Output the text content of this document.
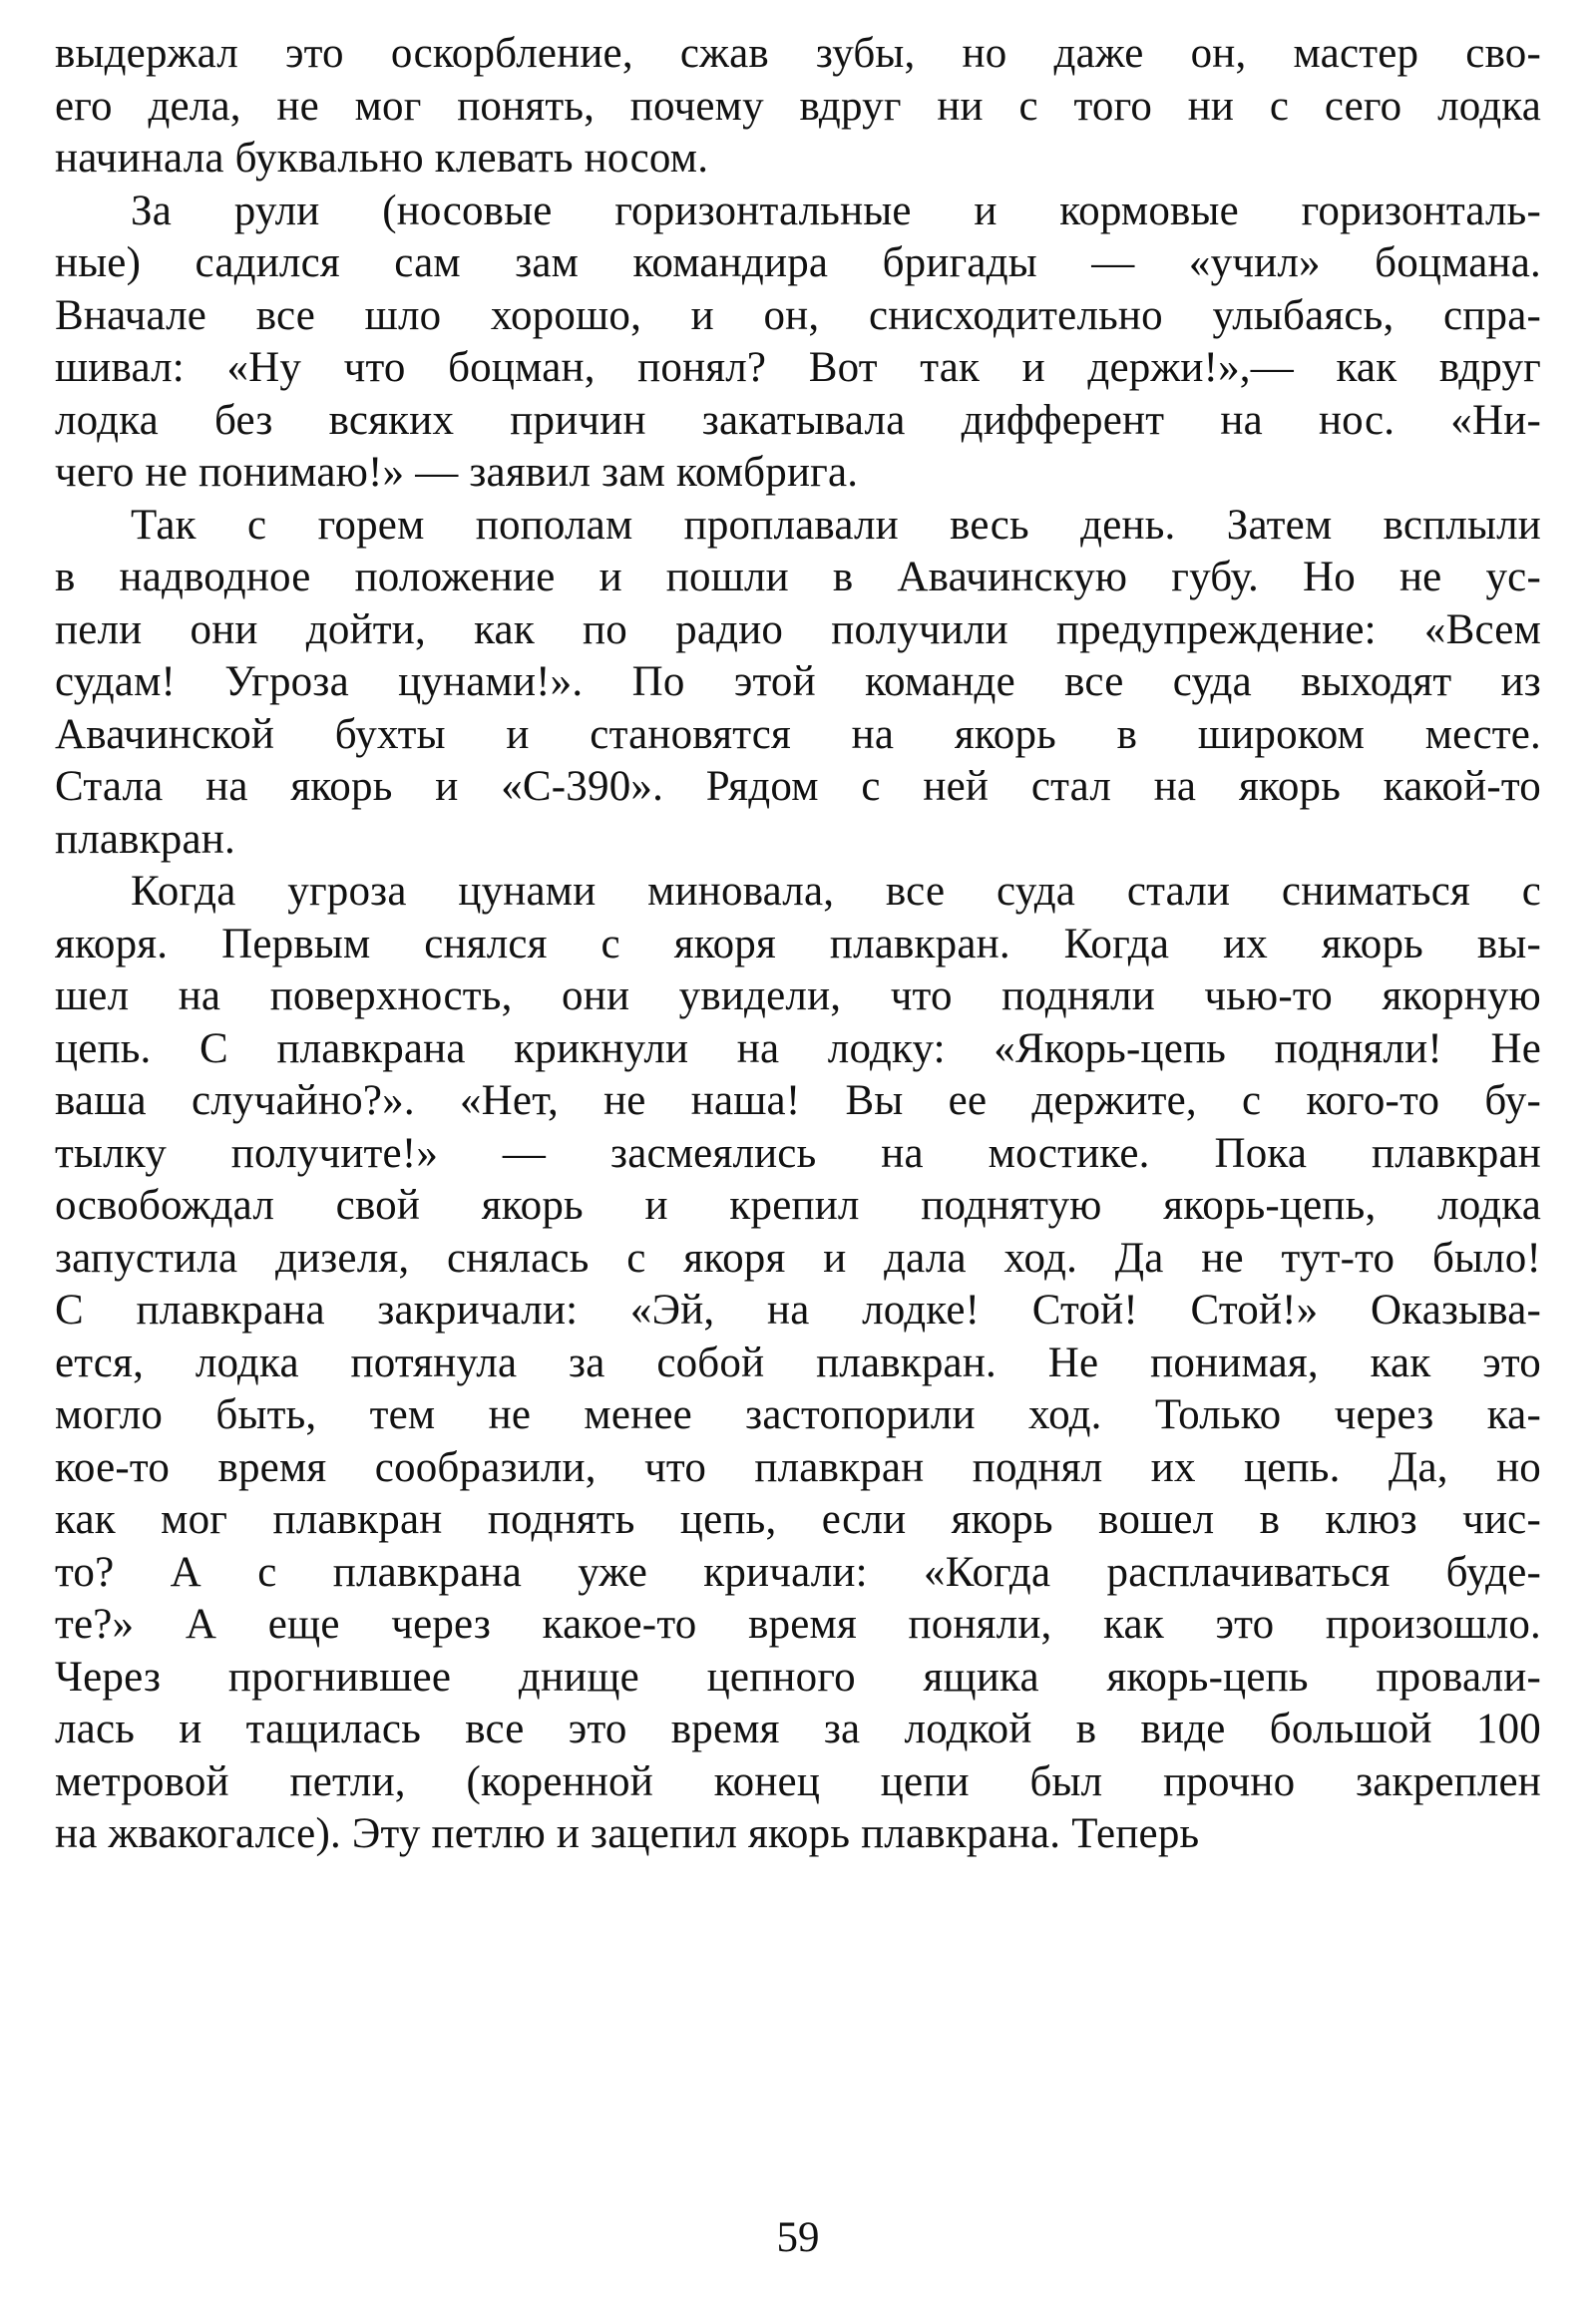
выдержал это оскорбление, сжав зубы, но даже он, мастер сво-
его дела, не мог понять, почему вдруг ни с того ни с сего лодка
начинала буквально клевать носом.
За рули (носовые горизонтальные и кормовые горизонталь-
ные) садился сам зам командира бригады — «учил» боцмана.
Вначале все шло хорошо, и он, снисходительно улыбаясь, спра-
шивал: «Ну что боцман, понял? Вот так и держи!»,— как вдруг
лодка без всяких причин закатывала дифферент на нос. «Ни-
чего не понимаю!» — заявил зам комбрига.
Так с горем пополам проплавали весь день. Затем всплыли
в надводное положение и пошли в Авачинскую губу. Но не ус-
пели они дойти, как по радио получили предупреждение: «Всем
судам! Угроза цунами!». По этой команде все суда выходят из
Авачинской бухты и становятся на якорь в широком месте.
Стала на якорь и «С-390». Рядом с ней стал на якорь какой-то
плавкран.
Когда угроза цунами миновала, все суда стали сниматься с
якоря. Первым снялся с якоря плавкран. Когда их якорь вы-
шел на поверхность, они увидели, что подняли чью-то якорную
цепь. С плавкрана крикнули на лодку: «Якорь-цепь подняли! Не
ваша случайно?». «Нет, не наша! Вы ее держите, с кого-то бу-
тылку получите!» — засмеялись на мостике. Пока плавкран
освобождал свой якорь и крепил поднятую якорь-цепь, лодка
запустила дизеля, снялась с якоря и дала ход. Да не тут-то было!
С плавкрана закричали: «Эй, на лодке! Стой! Стой!» Оказыва-
ется, лодка потянула за собой плавкран. Не понимая, как это
могло быть, тем не менее застопорили ход. Только через ка-
кое-то время сообразили, что плавкран поднял их цепь. Да, но
как мог плавкран поднять цепь, если якорь вошел в клюз чис-
то? А с плавкрана уже кричали: «Когда расплачиваться буде-
те?» А еще через какое-то время поняли, как это произошло.
Через прогнившее днище цепного ящика якорь-цепь провали-
лась и тащилась все это время за лодкой в виде большой 100
метровой петли, (коренной конец цепи был прочно закреплен
на жвакогалсе). Эту петлю и зацепил якорь плавкрана. Теперь
59
